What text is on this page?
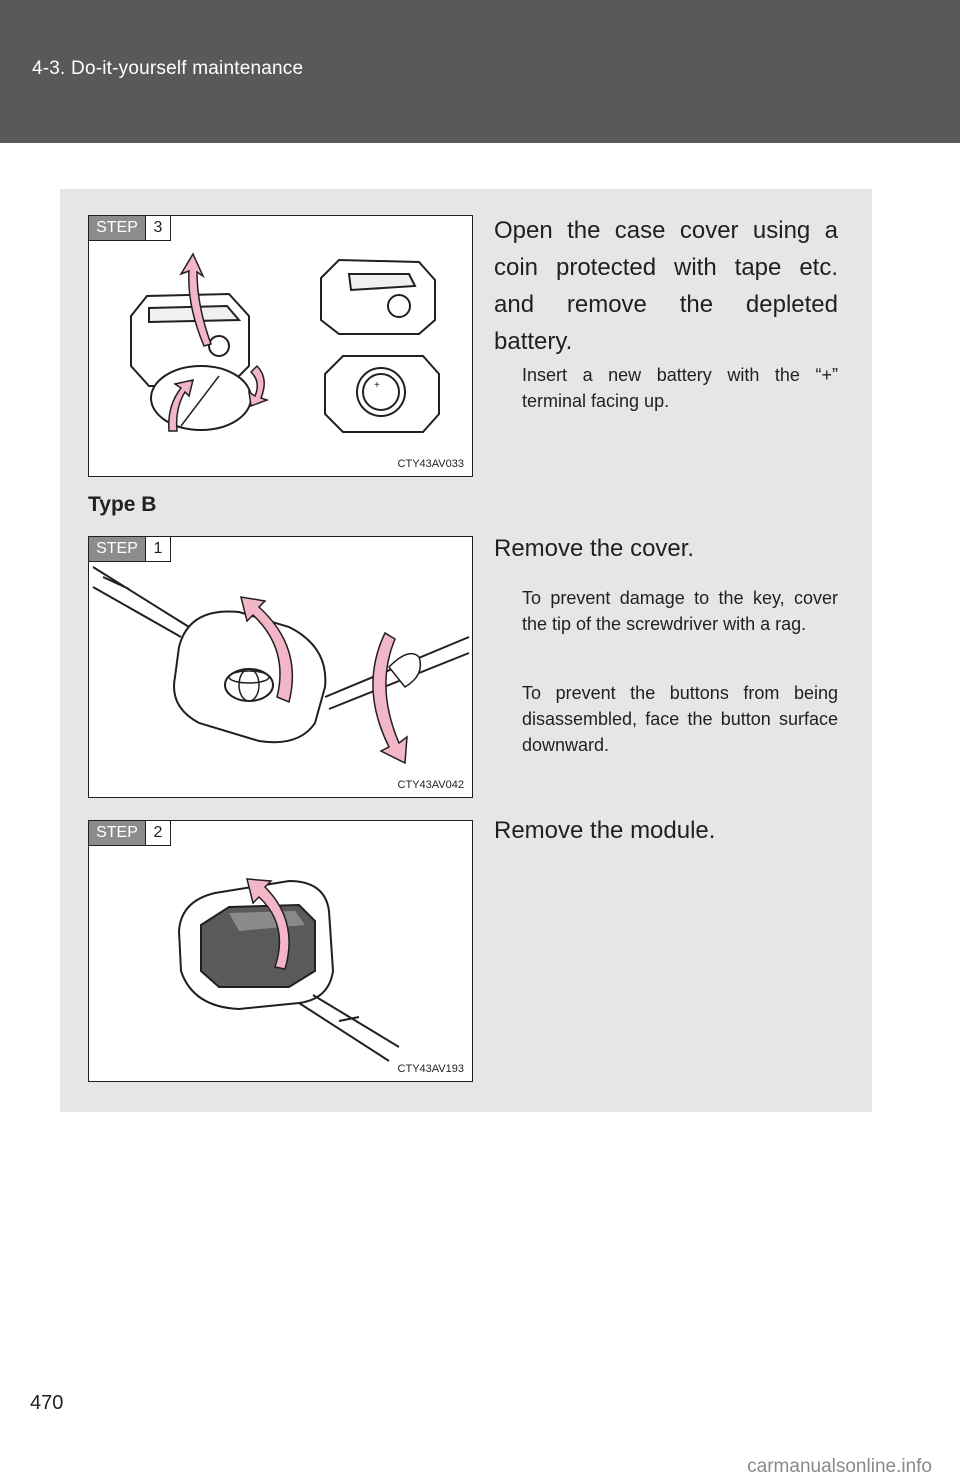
4-3. Do-it-yourself maintenance
+
STEP 3
CTY43AV033
Open the case cover using a coin protected with tape etc. and remove the depleted battery.
Insert a new battery with the “+” terminal facing up.
Type B
STEP 1
CTY43AV042
Remove the cover.
To prevent damage to the key, cover the tip of the screwdriver with a rag.
To prevent the buttons from being disassembled, face the button surface downward.
STEP 2
CTY43AV193
Remove the module.
470
carmanualsonline.info
